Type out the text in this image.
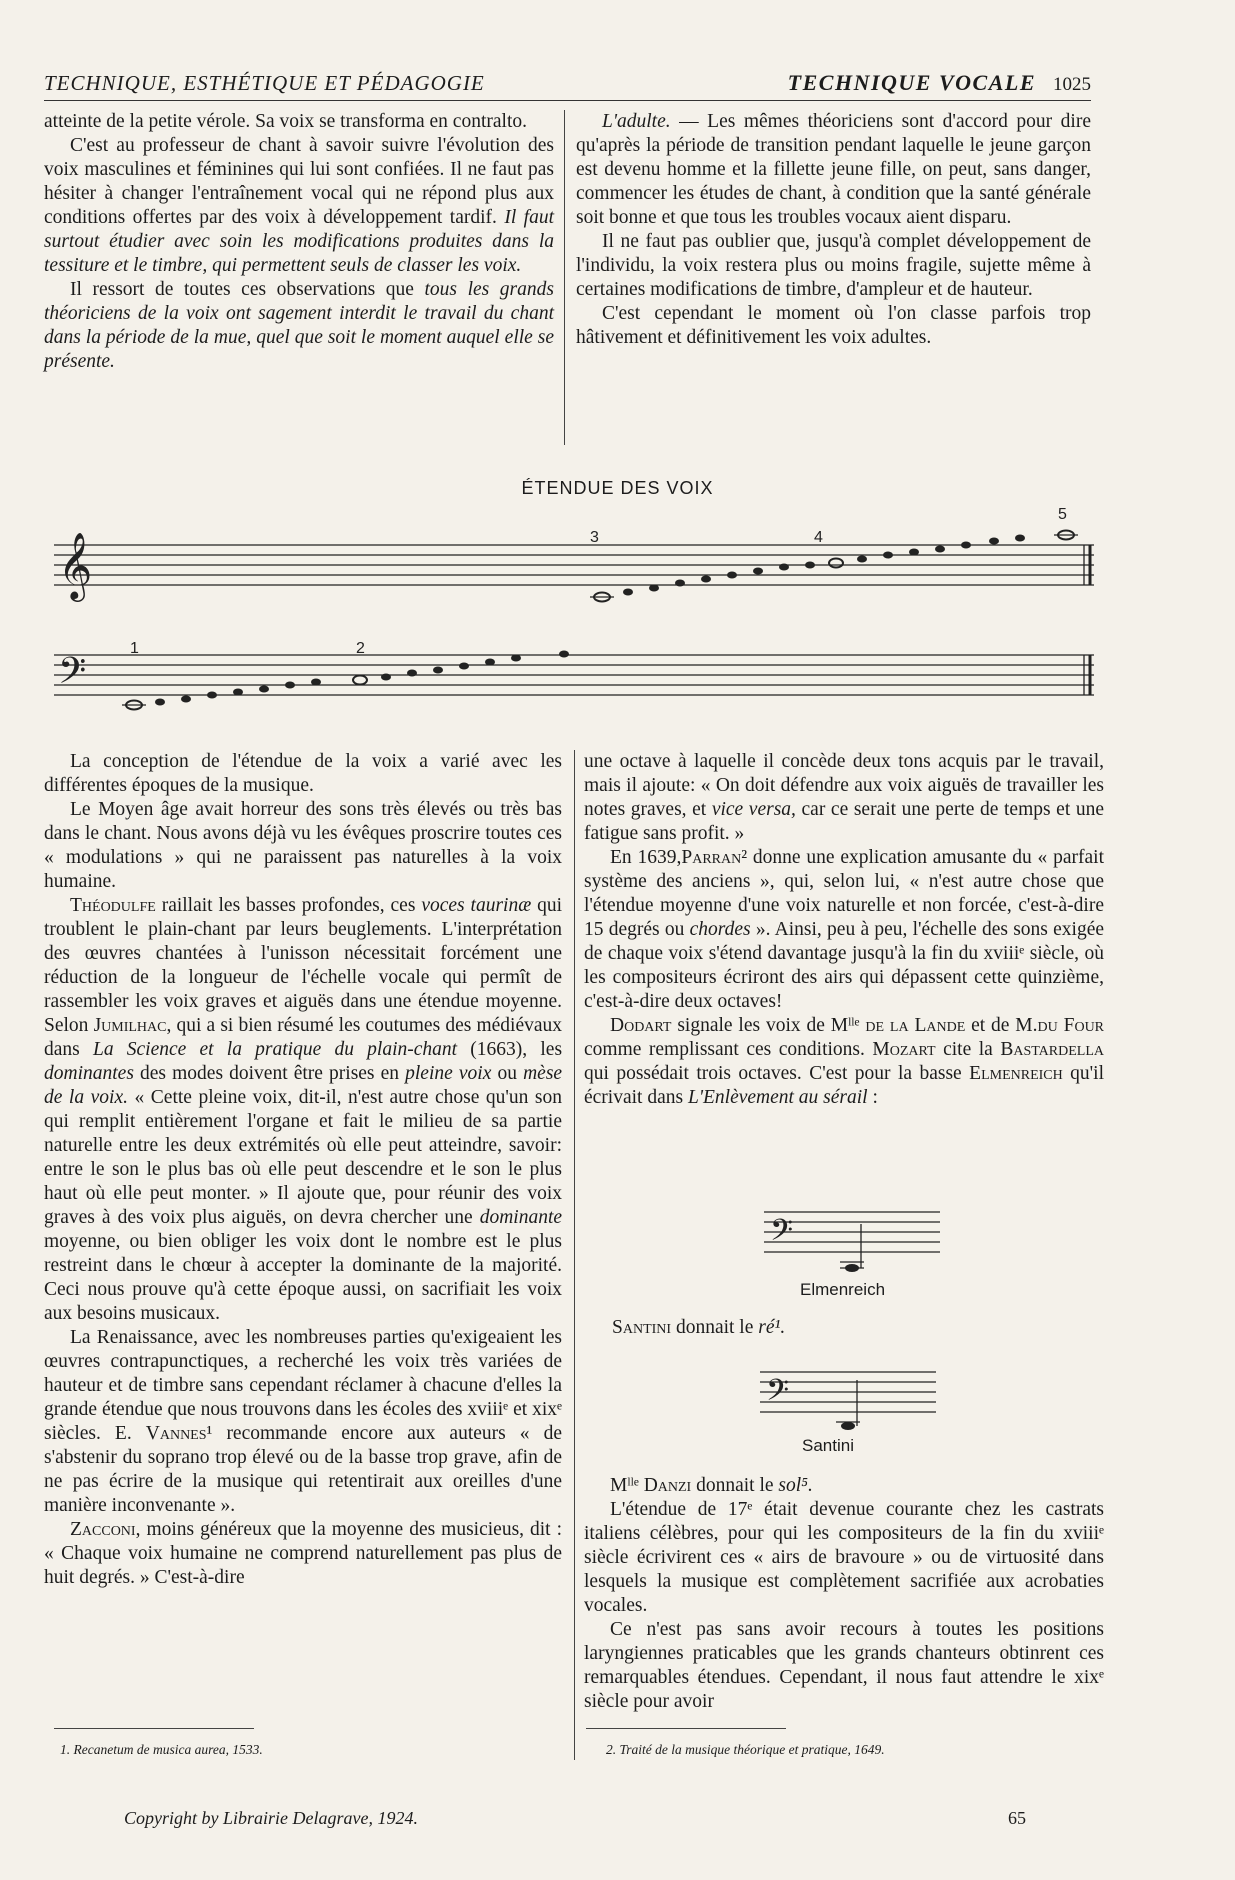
TECHNIQUE, ESTHÉTIQUE ET PÉDAGOGIE	TECHNIQUE VOCALE 1025

atteinte de la petite vérole. Sa voix se transforma en contralto.

C'est au professeur de chant à savoir suivre l'évolution des voix masculines et féminines qui lui sont confiées. Il ne faut pas hésiter à changer l'entraînement vocal qui ne répond plus aux conditions offertes par des voix à développement tardif. Il faut surtout étudier avec soin les modifications produites dans la tessiture et le timbre, qui permettent seuls de classer les voix.

Il ressort de toutes ces observations que tous les grands théoriciens de la voix ont sagement interdit le travail du chant dans la période de la mue, quel que soit le moment auquel elle se présente.

L'adulte. — Les mêmes théoriciens sont d'accord pour dire qu'après la période de transition pendant laquelle le jeune garçon est devenu homme et la fillette jeune fille, on peut, sans danger, commencer les études de chant, à condition que la santé générale soit bonne et que tous les troubles vocaux aient disparu.

Il ne faut pas oublier que, jusqu'à complet développement de l'individu, la voix restera plus ou moins fragile, sujette même à certaines modifications de timbre, d'ampleur et de hauteur.

C'est cependant le moment où l'on classe parfois trop hâtivement et définitivement les voix adultes.

ÉTENDUE DES VOIX
𝄞
𝄢
1	2
3	4
5

La conception de l'étendue de la voix a varié avec les différentes époques de la musique.

Le Moyen âge avait horreur des sons très élevés ou très bas dans le chant. Nous avons déjà vu les évêques proscrire toutes ces « modulations » qui ne paraissent pas naturelles à la voix humaine.

Théodulfe raillait les basses profondes, ces voces taurinæ qui troublent le plain-chant par leurs beuglements. L'interprétation des œuvres chantées à l'unisson nécessitait forcément une réduction de la longueur de l'échelle vocale qui permît de rassembler les voix graves et aiguës dans une étendue moyenne. Selon Jumilhac, qui a si bien résumé les coutumes des médiévaux dans La Science et la pratique du plain-chant (1663), les dominantes des modes doivent être prises en pleine voix ou mèse de la voix. « Cette pleine voix, dit-il, n'est autre chose qu'un son qui remplit entièrement l'organe et fait le milieu de sa partie naturelle entre les deux extrémités où elle peut atteindre, savoir: entre le son le plus bas où elle peut descendre et le son le plus haut où elle peut monter. » Il ajoute que, pour réunir des voix graves à des voix plus aiguës, on devra chercher une dominante moyenne, ou bien obliger les voix dont le nombre est le plus restreint dans le chœur à accepter la dominante de la majorité. Ceci nous prouve qu'à cette époque aussi, on sacrifiait les voix aux besoins musicaux.

La Renaissance, avec les nombreuses parties qu'exigeaient les œuvres contrapunctiques, a recherché les voix très variées de hauteur et de timbre sans cependant réclamer à chacune d'elles la grande étendue que nous trouvons dans les écoles des xviiiᵉ et xixᵉ siècles. E. Vannes¹ recommande encore aux auteurs « de s'abstenir du soprano trop élevé ou de la basse trop grave, afin de ne pas écrire de la musique qui retentirait aux oreilles d'une manière inconvenante ».

Zacconi, moins généreux que la moyenne des musicieus, dit : « Chaque voix humaine ne comprend naturellement pas plus de huit degrés. » C'est-à-dire

une octave à laquelle il concède deux tons acquis par le travail, mais il ajoute: « On doit défendre aux voix aiguës de travailler les notes graves, et vice versa, car ce serait une perte de temps et une fatigue sans profit. »

En 1639,Parran² donne une explication amusante du « parfait système des anciens », qui, selon lui, « n'est autre chose que l'étendue moyenne d'une voix naturelle et non forcée, c'est-à-dire 15 degrés ou chordes ». Ainsi, peu à peu, l'échelle des sons exigée de chaque voix s'étend davantage jusqu'à la fin du xviiiᵉ siècle, où les compositeurs écriront des airs qui dépassent cette quinzième, c'est-à-dire deux octaves!

Dodart signale les voix de Mˡˡᵉ de la Lande et de M.du Four comme remplissant ces conditions. Mozart cite la Bastardella qui possédait trois octaves. C'est pour la basse Elmenreich qu'il écrivait dans L'Enlèvement au sérail :

𝄢
Elmenreich

Santini donnait le ré¹.

𝄢
Santini

Mˡˡᵉ Danzi donnait le sol⁵.

L'étendue de 17ᵉ était devenue courante chez les castrats italiens célèbres, pour qui les compositeurs de la fin du xviiiᵉ siècle écrivirent ces « airs de bravoure » ou de virtuosité dans lesquels la musique est complètement sacrifiée aux acrobaties vocales.

Ce n'est pas sans avoir recours à toutes les positions laryngiennes praticables que les grands chanteurs obtinrent ces remarquables étendues. Cependant, il nous faut attendre le xixᵉ siècle pour avoir

1. Recanetum de musica aurea, 1533.	2. Traité de la musique théorique et pratique, 1649.
Copyright by Librairie Delagrave, 1924.	65
